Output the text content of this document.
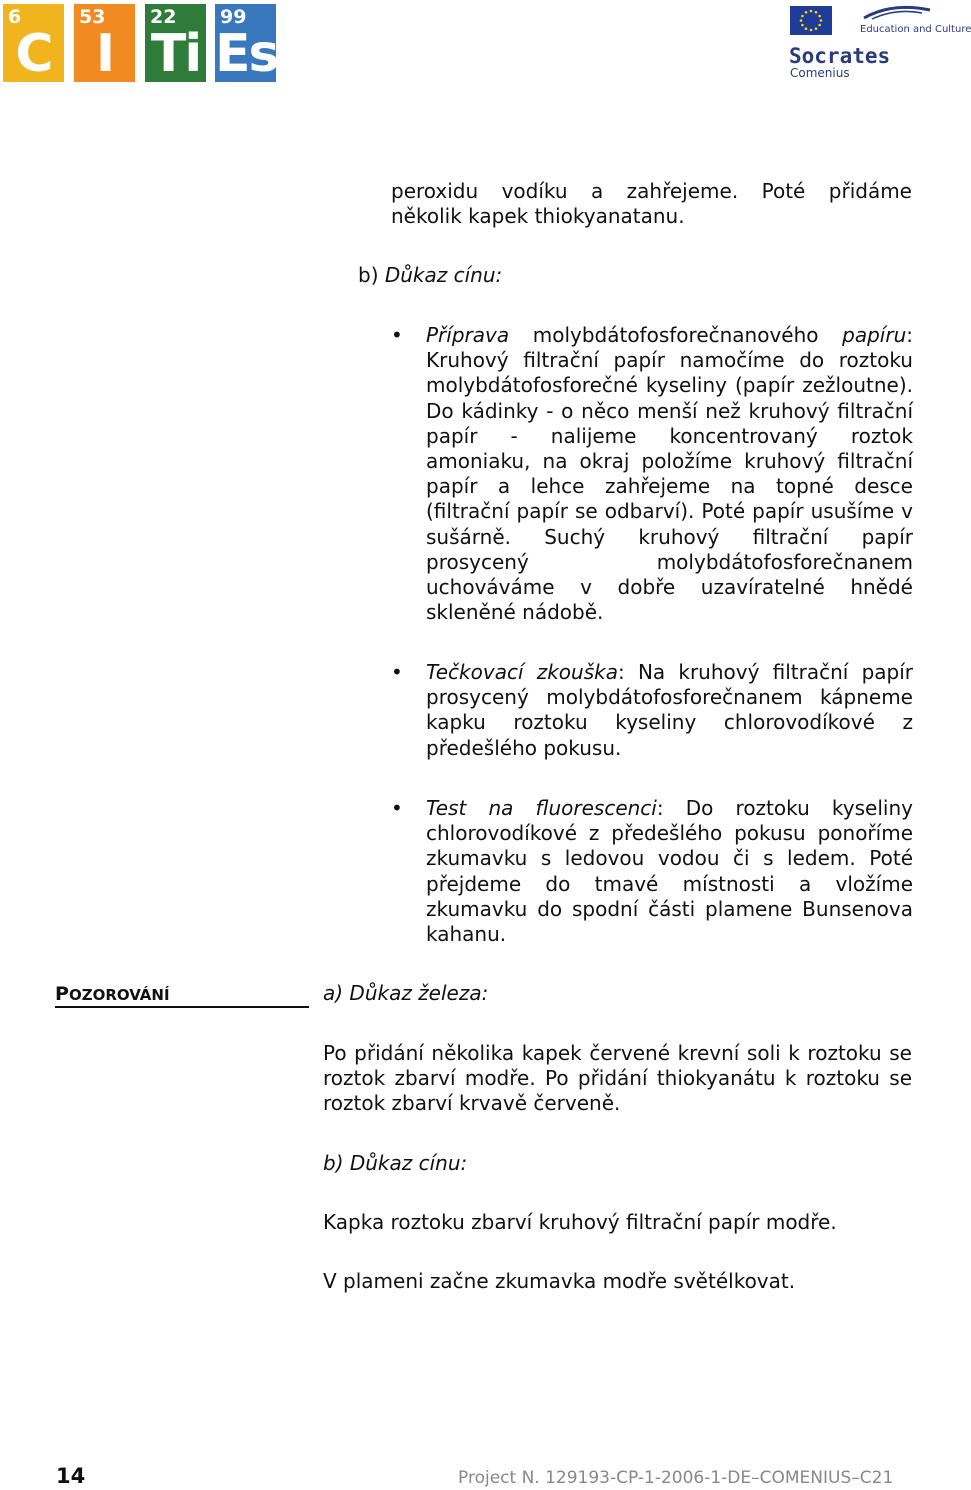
6
C
53
I
22
Ti
99
Es	Education and Culture
Socrates
Comenius
peroxidu vodíku a zahřejeme. Poté přidáme
několik kapek thiokyanatanu.
b) Důkaz cínu:
• Příprava molybdátofosforečnanového papíru: Kruhový filtrační papír namočíme do roztoku molybdátofosforečné kyseliny (papír zežloutne). Do kádinky - o něco menší než kruhový filtrační papír - nalijeme koncentrovaný roztok amoniaku, na okraj položíme kruhový filtrační papír a lehce zahřejeme na topné desce (filtrační papír se odbarví). Poté papír usušíme v sušárně. Suchý kruhový filtrační papír prosycený molybdátofosforečnanem uchováváme v dobře uzavíratelné hnědé skleněné nádobě.
• Tečkovací zkouška: Na kruhový filtrační papír prosycený molybdátofosforečnanem kápneme kapku roztoku kyseliny chlorovodíkové z předešlého pokusu.
• Test na fluorescenci: Do roztoku kyseliny chlorovodíkové z předešlého pokusu ponoříme zkumavku s ledovou vodou či s ledem. Poté přejdeme do tmavé místnosti a vložíme zkumavku do spodní části plamene Bunsenova kahanu.
POZOROVÁNÍ	a) Důkaz železa:
Po přidání několika kapek červené krevní soli k roztoku se roztok zbarví modře. Po přidání thiokyanátu k roztoku se roztok zbarví krvavě červeně.
b) Důkaz cínu:
Kapka roztoku zbarví kruhový filtrační papír modře.
V plameni začne zkumavka modře světélkovat.
14	Project N. 129193-CP-1-2006-1-DE–COMENIUS–C21
